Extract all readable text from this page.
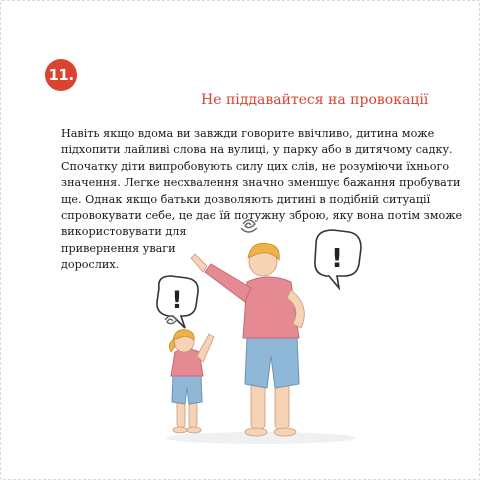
11.
Не піддавайтеся на провокації
Навіть якщо вдома ви завжди говорите ввічливо, дитина може
підхопити лайливі слова на вулиці, у парку або в дитячому садку.
Спочатку діти випробовують силу цих слів, не розуміючи їхнього
значення. Легке несхвалення значно зменшує бажання пробувати
ще. Однак якщо батьки дозволяють дитині в подібній ситуації
спровокувати себе, це дає їй потужну зброю, яку вона потім зможе
використовувати для
привернення уваги
дорослих.	!
!
